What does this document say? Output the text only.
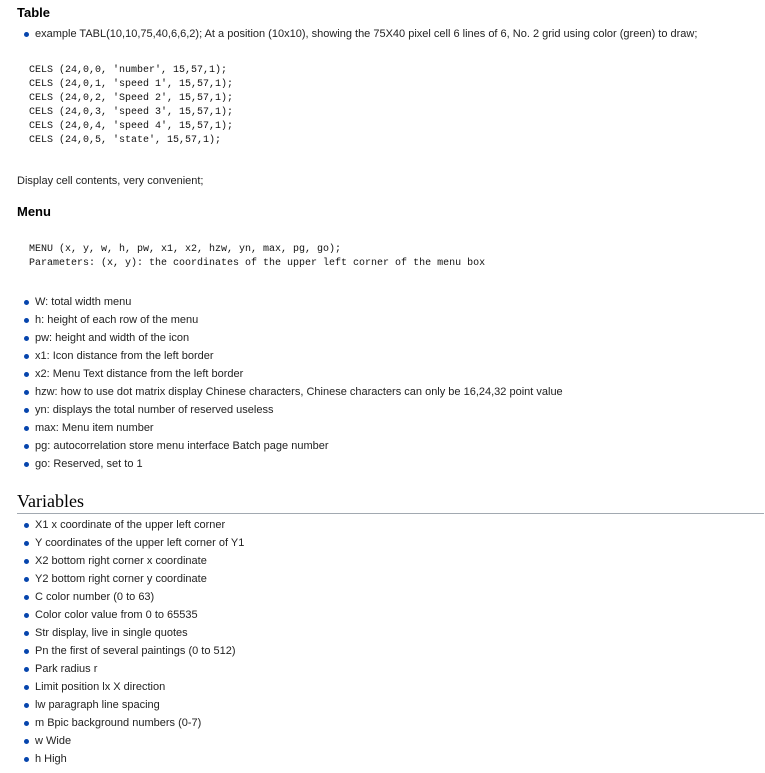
Table
example TABL(10,10,75,40,6,6,2); At a position (10x10), showing the 75X40 pixel cell 6 lines of 6, No. 2 grid using color (green) to draw;
CELS (24,0,0, 'number', 15,57,1);
CELS (24,0,1, 'speed 1', 15,57,1);
CELS (24,0,2, 'Speed 2', 15,57,1);
CELS (24,0,3, 'speed 3', 15,57,1);
CELS (24,0,4, 'speed 4', 15,57,1);
CELS (24,0,5, 'state', 15,57,1);

Display cell contents, very convenient;

Menu
MENU (x, y, w, h, pw, x1, x2, hzw, yn, max, pg, go);
Parameters: (x, y): the coordinates of the upper left corner of the menu box
W: total width menu
h: height of each row of the menu
pw: height and width of the icon
x1: Icon distance from the left border
x2: Menu Text distance from the left border
hzw: how to use dot matrix display Chinese characters, Chinese characters can only be 16,24,32 point value
yn: displays the total number of reserved useless
max: Menu item number
pg: autocorrelation store menu interface Batch page number
go: Reserved, set to 1
Variables
X1 x coordinate of the upper left corner
Y coordinates of the upper left corner of Y1
X2 bottom right corner x coordinate
Y2 bottom right corner y coordinate
C color number (0 to 63)
Color color value from 0 to 65535
Str display, live in single quotes
Pn the first of several paintings (0 to 512)
Park radius r
Limit position lx X direction
lw paragraph line spacing
m Bpic background numbers (0-7)
w Wide
h High
